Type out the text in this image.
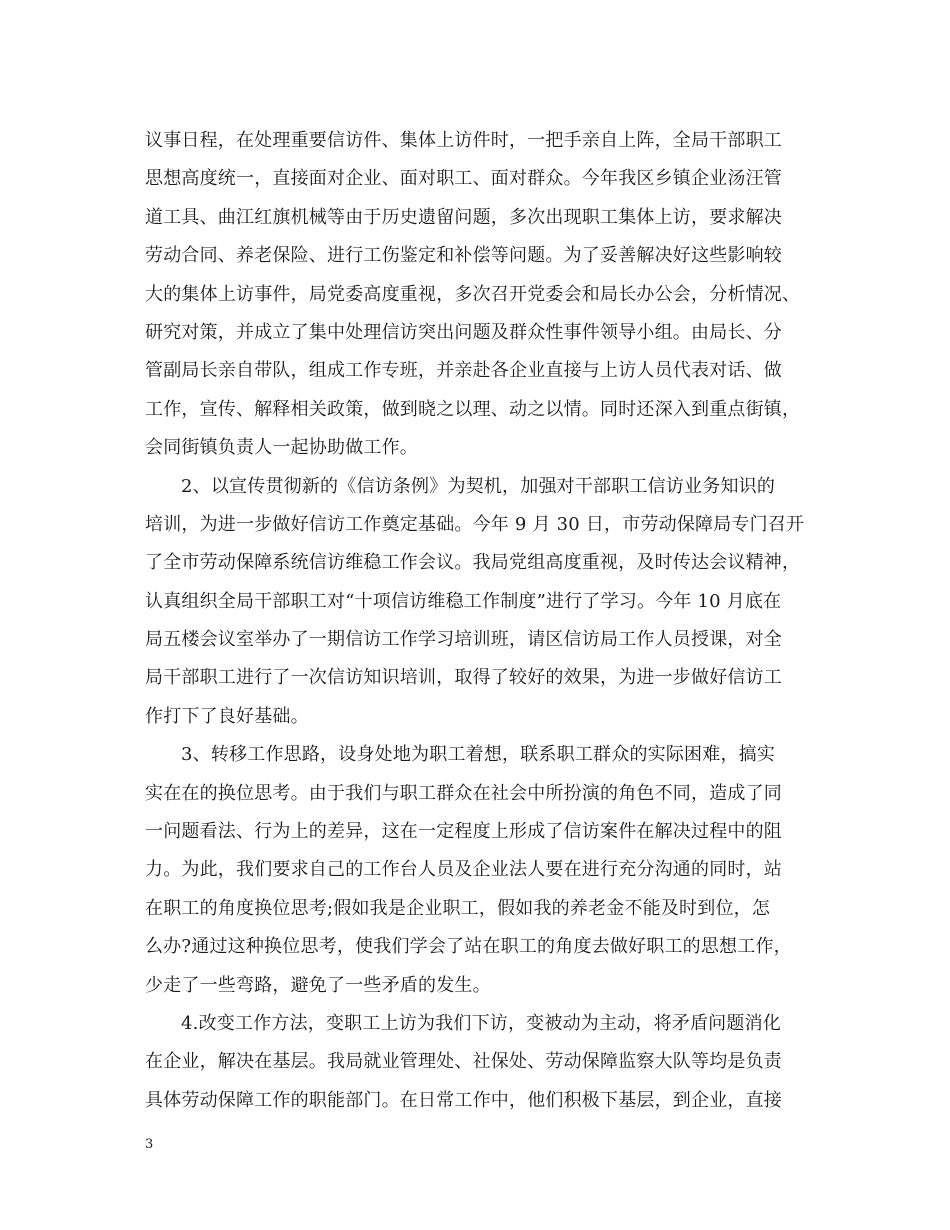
议事日程，在处理重要信访件、集体上访件时，一把手亲自上阵，全局干部职工
思想高度统一，直接面对企业、面对职工、面对群众。今年我区乡镇企业汤汪管
道工具、曲江红旗机械等由于历史遗留问题，多次出现职工集体上访，要求解决
劳动合同、养老保险、进行工伤鉴定和补偿等问题。为了妥善解决好这些影响较
大的集体上访事件，局党委高度重视，多次召开党委会和局长办公会，分析情况、
研究对策，并成立了集中处理信访突出问题及群众性事件领导小组。由局长、分
管副局长亲自带队，组成工作专班，并亲赴各企业直接与上访人员代表对话、做
工作，宣传、解释相关政策，做到晓之以理、动之以情。同时还深入到重点街镇，
会同街镇负责人一起协助做工作。
2、以宣传贯彻新的《信访条例》为契机，加强对干部职工信访业务知识的
培训，为进一步做好信访工作奠定基础。今年 9 月 30 日，市劳动保障局专门召开
了全市劳动保障系统信访维稳工作会议。我局党组高度重视，及时传达会议精神，
认真组织全局干部职工对“十项信访维稳工作制度”进行了学习。今年 10 月底在
局五楼会议室举办了一期信访工作学习培训班，请区信访局工作人员授课，对全
局干部职工进行了一次信访知识培训，取得了较好的效果，为进一步做好信访工
作打下了良好基础。
3、转移工作思路，设身处地为职工着想，联系职工群众的实际困难，搞实
实在在的换位思考。由于我们与职工群众在社会中所扮演的角色不同，造成了同
一问题看法、行为上的差异，这在一定程度上形成了信访案件在解决过程中的阻
力。为此，我们要求自己的工作台人员及企业法人要在进行充分沟通的同时，站
在职工的角度换位思考;假如我是企业职工，假如我的养老金不能及时到位，怎
么办?通过这种换位思考，使我们学会了站在职工的角度去做好职工的思想工作，
少走了一些弯路，避免了一些矛盾的发生。
4.改变工作方法，变职工上访为我们下访，变被动为主动，将矛盾问题消化
在企业，解决在基层。我局就业管理处、社保处、劳动保障监察大队等均是负责
具体劳动保障工作的职能部门。在日常工作中，他们积极下基层，到企业，直接
3
